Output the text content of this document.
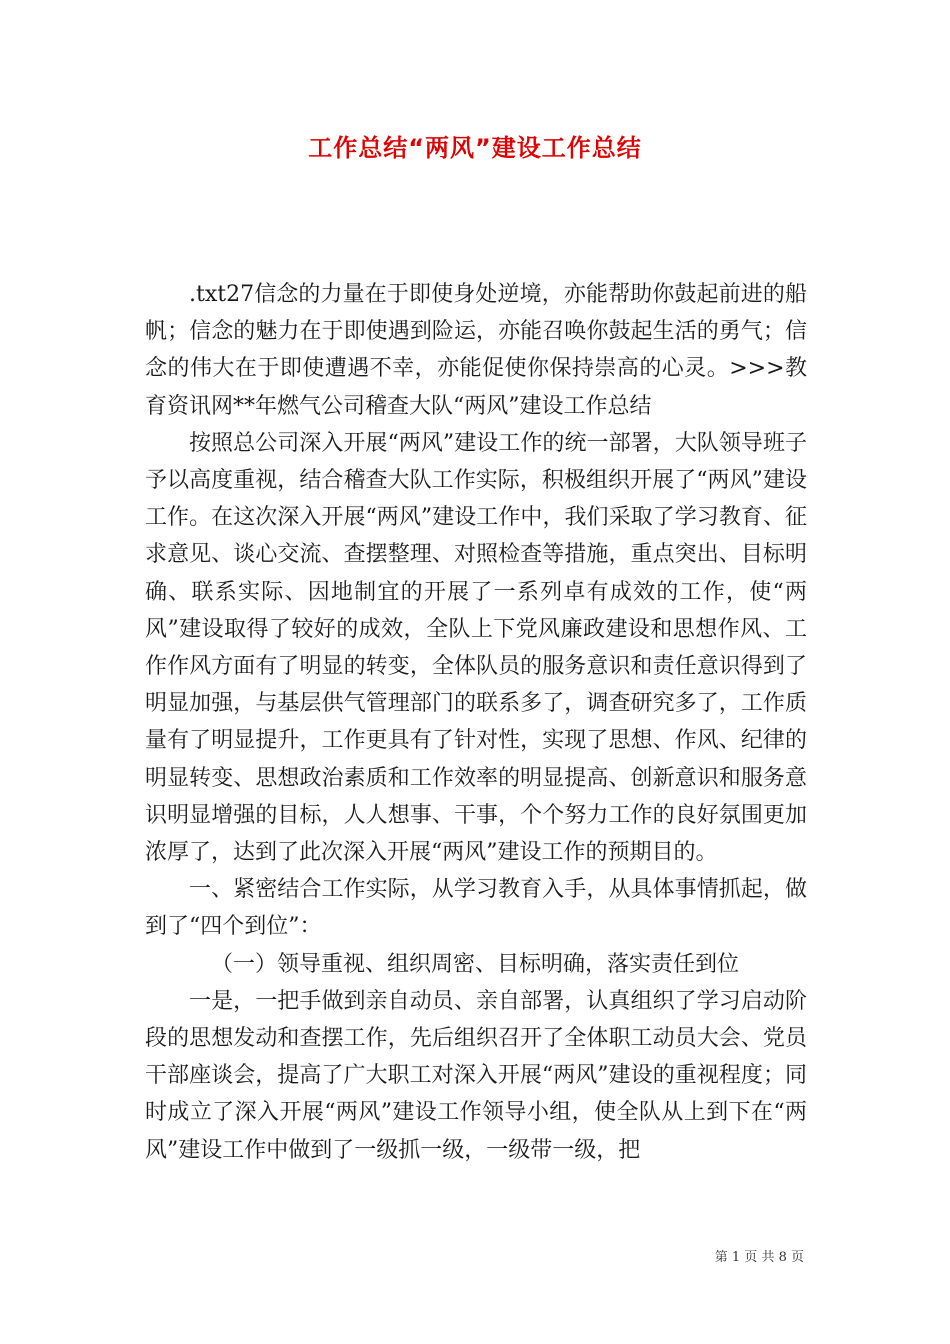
工作总结“两风”建设工作总结

.txt27信念的力量在于即使身处逆境，亦能帮助你鼓起前进的船帆；信念的魅力在于即使遇到险运，亦能召唤你鼓起生活的勇气；信念的伟大在于即使遭遇不幸，亦能促使你保持崇高的心灵。>>>教育资讯网**年燃气公司稽查大队“两风”建设工作总结

按照总公司深入开展“两风”建设工作的统一部署，大队领导班子予以高度重视，结合稽查大队工作实际，积极组织开展了“两风”建设工作。在这次深入开展“两风”建设工作中，我们采取了学习教育、征求意见、谈心交流、查摆整理、对照检查等措施，重点突出、目标明确、联系实际、因地制宜的开展了一系列卓有成效的工作，使“两风”建设取得了较好的成效，全队上下党风廉政建设和思想作风、工作作风方面有了明显的转变，全体队员的服务意识和责任意识得到了明显加强，与基层供气管理部门的联系多了，调查研究多了，工作质量有了明显提升，工作更具有了针对性，实现了思想、作风、纪律的明显转变、思想政治素质和工作效率的明显提高、创新意识和服务意识明显增强的目标，人人想事、干事，个个努力工作的良好氛围更加浓厚了，达到了此次深入开展“两风”建设工作的预期目的。

一、紧密结合工作实际，从学习教育入手，从具体事情抓起，做到了“四个到位”：

（一）领导重视、组织周密、目标明确，落实责任到位

一是，一把手做到亲自动员、亲自部署，认真组织了学习启动阶段的思想发动和查摆工作，先后组织召开了全体职工动员大会、党员干部座谈会，提高了广大职工对深入开展“两风”建设的重视程度；同时成立了深入开展“两风”建设工作领导小组，使全队从上到下在“两风”建设工作中做到了一级抓一级，一级带一级，把

第 1 页 共 8 页
